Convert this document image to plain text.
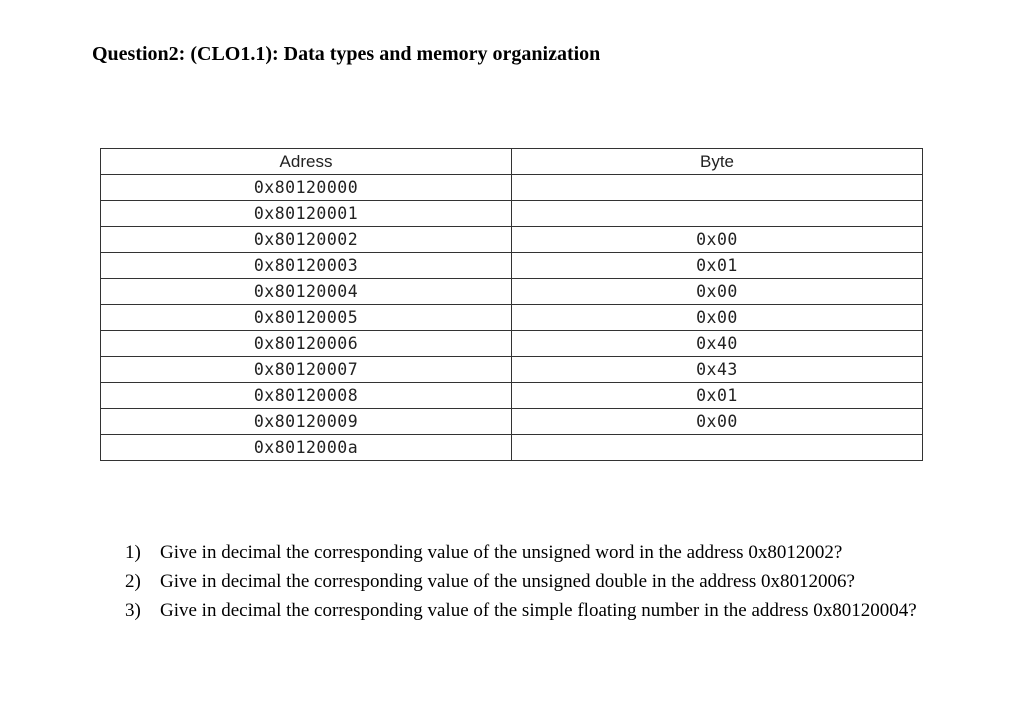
Question2: (CLO1.1): Data types and memory organization
Adress	Byte
0x80120000	
0x80120001	
0x80120002	0x00
0x80120003	0x01
0x80120004	0x00
0x80120005	0x00
0x80120006	0x40
0x80120007	0x43
0x80120008	0x01
0x80120009	0x00
0x8012000a	
1)	Give in decimal the corresponding value of the unsigned word in the address 0x8012002?
2)	Give in decimal the corresponding value of the unsigned double in the address 0x8012006?
3)	Give in decimal the corresponding value of the simple floating number in the address 0x80120004?
